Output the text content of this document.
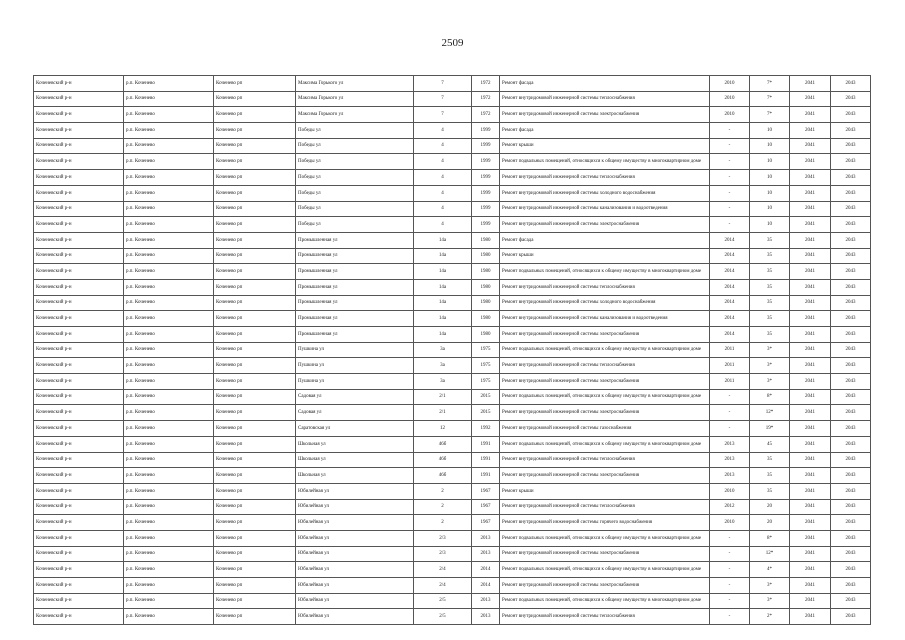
2509
Коченевский р-н	р.п. Коченево	Коченево рп	Максима Горького ул	7	1972	Ремонт фасада	2010	7*	2041	2043
Коченевский р-н	р.п. Коченево	Коченево рп	Максима Горького ул	7	1972	Ремонт внутридомовой инженерной системы теплоснабжения	2010	7*	2041	2043
Коченевский р-н	р.п. Коченево	Коченево рп	Максима Горького ул	7	1972	Ремонт внутридомовой инженерной системы электроснабжения	2010	7*	2041	2043
Коченевский р-н	р.п. Коченево	Коченево рп	Победы ул	4	1999	Ремонт фасада	-	10	2041	2043
Коченевский р-н	р.п. Коченево	Коченево рп	Победы ул	4	1999	Ремонт крыши	-	10	2041	2043
Коченевский р-н	р.п. Коченево	Коченево рп	Победы ул	4	1999	Ремонт подвальных помещений, относящихся к общему имуществу в многоквартирном доме	-	10	2041	2043
Коченевский р-н	р.п. Коченево	Коченево рп	Победы ул	4	1999	Ремонт внутридомовой инженерной системы теплоснабжения	-	10	2041	2043
Коченевский р-н	р.п. Коченево	Коченево рп	Победы ул	4	1999	Ремонт внутридомовой инженерной системы холодного водоснабжения	-	10	2041	2043
Коченевский р-н	р.п. Коченево	Коченево рп	Победы ул	4	1999	Ремонт внутридомовой инженерной системы канализования и водоотведения	-	10	2041	2043
Коченевский р-н	р.п. Коченево	Коченево рп	Победы ул	4	1999	Ремонт внутридомовой инженерной системы электроснабжения	-	10	2041	2043
Коченевский р-н	р.п. Коченево	Коченево рп	Промышленная ул	14а	1980	Ремонт фасада	2014	35	2041	2043
Коченевский р-н	р.п. Коченево	Коченево рп	Промышленная ул	14а	1980	Ремонт крыши	2014	35	2041	2043
Коченевский р-н	р.п. Коченево	Коченево рп	Промышленная ул	14а	1980	Ремонт подвальных помещений, относящихся к общему имуществу в многоквартирном доме	2014	35	2041	2043
Коченевский р-н	р.п. Коченево	Коченево рп	Промышленная ул	14а	1980	Ремонт внутридомовой инженерной системы теплоснабжения	2014	35	2041	2043
Коченевский р-н	р.п. Коченево	Коченево рп	Промышленная ул	14а	1980	Ремонт внутридомовой инженерной системы холодного водоснабжения	2014	35	2041	2043
Коченевский р-н	р.п. Коченево	Коченево рп	Промышленная ул	14а	1980	Ремонт внутридомовой инженерной системы канализования и водоотведения	2014	35	2041	2043
Коченевский р-н	р.п. Коченево	Коченево рп	Промышленная ул	14а	1980	Ремонт внутридомовой инженерной системы электроснабжения	2014	35	2041	2043
Коченевский р-н	р.п. Коченево	Коченево рп	Пушкина ул	3а	1975	Ремонт подвальных помещений, относящихся к общему имуществу в многоквартирном доме	2011	3*	2041	2043
Коченевский р-н	р.п. Коченево	Коченево рп	Пушкина ул	3а	1975	Ремонт внутридомовой инженерной системы теплоснабжения	2011	3*	2041	2043
Коченевский р-н	р.п. Коченево	Коченево рп	Пушкина ул	3а	1975	Ремонт внутридомовой инженерной системы электроснабжения	2011	3*	2041	2043
Коченевский р-н	р.п. Коченево	Коченево рп	Садовая ул	2/1	2015	Ремонт подвальных помещений, относящихся к общему имуществу в многоквартирном доме	-	8*	2041	2043
Коченевский р-н	р.п. Коченево	Коченево рп	Садовая ул	2/1	2015	Ремонт внутридомовой инженерной системы электроснабжения	-	12*	2041	2043
Коченевский р-н	р.п. Коченево	Коченево рп	Саратовская ул	12	1992	Ремонт внутридомовой инженерной системы газоснабжения	-	19*	2041	2043
Коченевский р-н	р.п. Коченево	Коченево рп	Школьная ул	46б	1991	Ремонт подвальных помещений, относящихся к общему имуществу в многоквартирном доме	2013	45	2041	2043
Коченевский р-н	р.п. Коченево	Коченево рп	Школьная ул	46б	1991	Ремонт внутридомовой инженерной системы теплоснабжения	2013	35	2041	2043
Коченевский р-н	р.п. Коченево	Коченево рп	Школьная ул	46б	1991	Ремонт внутридомовой инженерной системы электроснабжения	2013	35	2041	2043
Коченевский р-н	р.п. Коченево	Коченево рп	Юбилейная ул	2	1967	Ремонт крыши	2010	35	2041	2043
Коченевский р-н	р.п. Коченево	Коченево рп	Юбилейная ул	2	1967	Ремонт внутридомовой инженерной системы теплоснабжения	2012	20	2041	2043
Коченевский р-н	р.п. Коченево	Коченево рп	Юбилейная ул	2	1967	Ремонт внутридомовой инженерной системы горячего водоснабжения	2010	20	2041	2043
Коченевский р-н	р.п. Коченево	Коченево рп	Юбилейная ул	2/3	2013	Ремонт подвальных помещений, относящихся к общему имуществу в многоквартирном доме	-	8*	2041	2043
Коченевский р-н	р.п. Коченево	Коченево рп	Юбилейная ул	2/3	2013	Ремонт внутридомовой инженерной системы электроснабжения	-	12*	2041	2043
Коченевский р-н	р.п. Коченево	Коченево рп	Юбилейная ул	2/4	2014	Ремонт подвальных помещений, относящихся к общему имуществу в многоквартирном доме	-	4*	2041	2043
Коченевский р-н	р.п. Коченево	Коченево рп	Юбилейная ул	2/4	2014	Ремонт внутридомовой инженерной системы электроснабжения	-	3*	2041	2043
Коченевский р-н	р.п. Коченево	Коченево рп	Юбилейная ул	2/5	2013	Ремонт подвальных помещений, относящихся к общему имуществу в многоквартирном доме	-	3*	2041	2043
Коченевский р-н	р.п. Коченево	Коченево рп	Юбилейная ул	2/5	2013	Ремонт внутридомовой инженерной системы теплоснабжения	-	2*	2041	2043
